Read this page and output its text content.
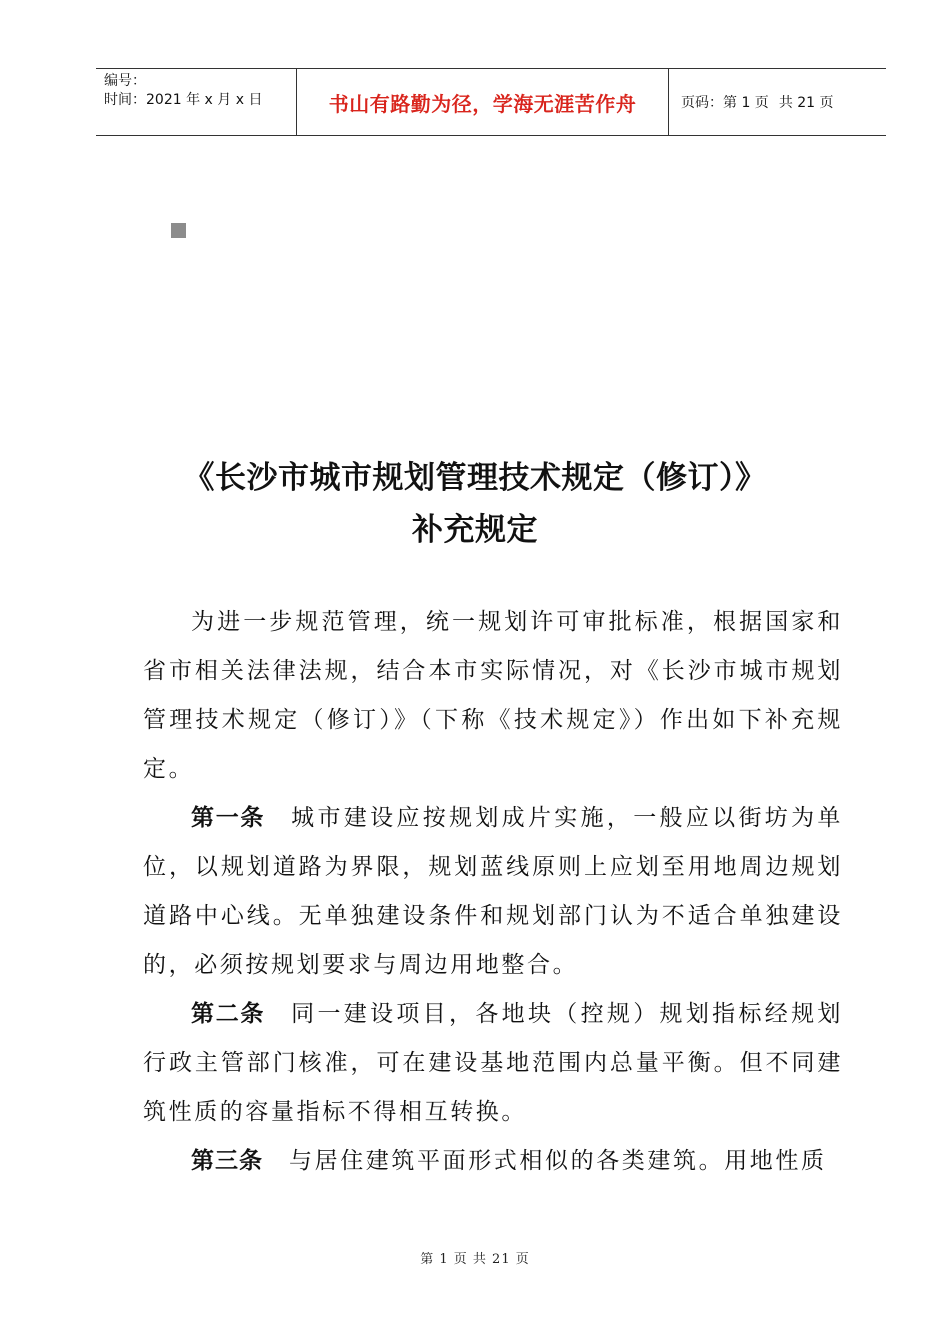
编号：
时间：2021 年 x 月 x 日	书山有路勤为径，学海无涯苦作舟	页码：第 1 页 共 21 页
《长沙市城市规划管理技术规定（修订）》
补充规定

为进一步规范管理，统一规划许可审批标准，根据国家和省市相关法律法规，结合本市实际情况，对《长沙市城市规划管理技术规定（修订）》（下称《技术规定》）作出如下补充规定。

第一条 城市建设应按规划成片实施，一般应以街坊为单位，以规划道路为界限，规划蓝线原则上应划至用地周边规划道路中心线。无单独建设条件和规划部门认为不适合单独建设的，必须按规划要求与周边用地整合。

第二条 同一建设项目，各地块（控规）规划指标经规划行政主管部门核准，可在建设基地范围内总量平衡。但不同建筑性质的容量指标不得相互转换。

第三条 与居住建筑平面形式相似的各类建筑。用地性质

第 1 页 共 21 页
